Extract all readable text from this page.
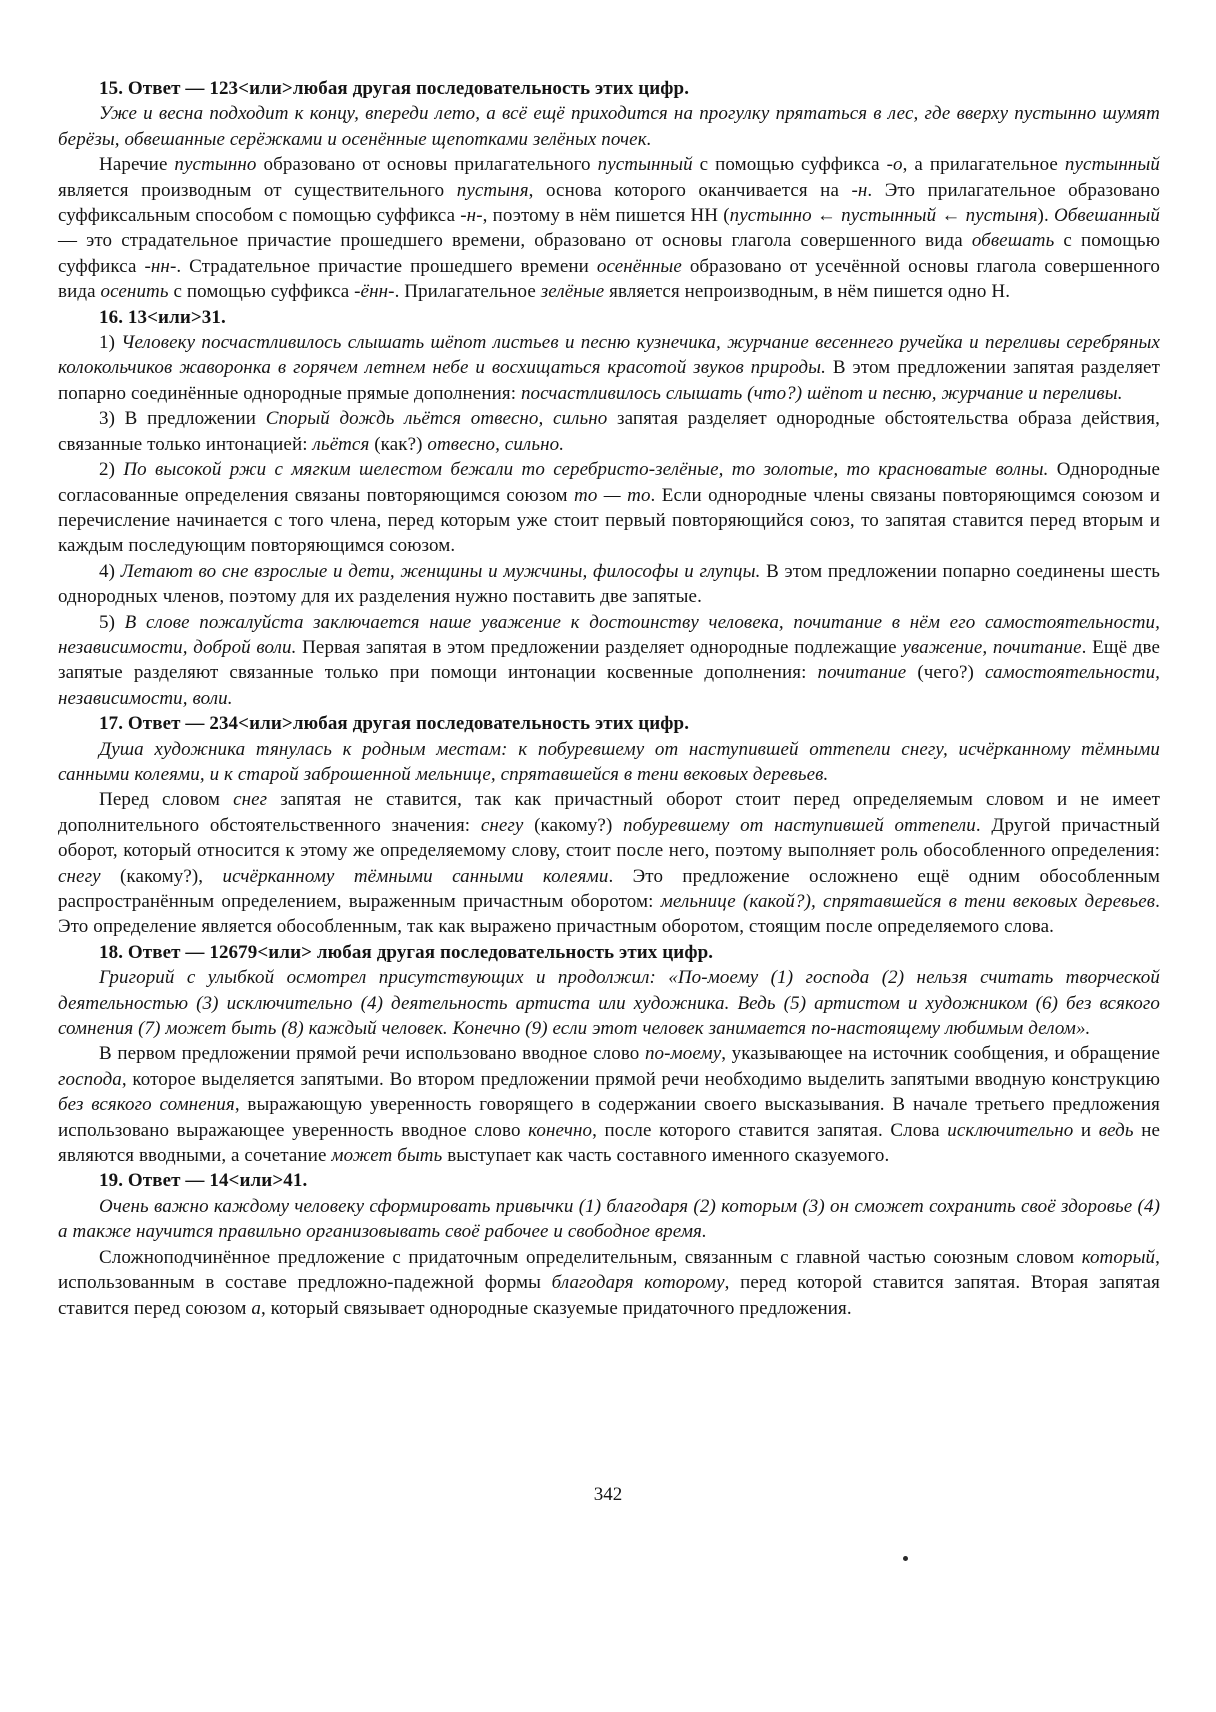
15. Ответ — 123<или>любая другая последовательность этих цифр.

Уже и весна подходит к концу, впереди лето, а всё ещё приходится на прогулку прятаться в лес, где вверху пустынно шумят берёзы, обвешанные серёжками и осенённые щепотками зелёных почек.

Наречие пустынно образовано от основы прилагательного пустынный с помощью суффикса -о, а прилагательное пустынный является производным от существительного пустыня, основа которого оканчивается на -н. Это прилагательное образовано суффиксальным способом с помощью суффикса -н-, поэтому в нём пишется НН (пустынно ← пустынный ← пустыня). Обвешанный — это страдательное причастие прошедшего времени, образовано от основы глагола совершенного вида обвешать с помощью суффикса -нн-. Страдательное причастие прошедшего времени осенённые образовано от усечённой основы глагола совершенного вида осенить с помощью суффикса -ённ-. Прилагательное зелёные является непроизводным, в нём пишется одно Н.

16. 13<или>31.

1) Человеку посчастливилось слышать шёпот листьев и песню кузнечика, журчание весеннего ручейка и переливы серебряных колокольчиков жаворонка в горячем летнем небе и восхищаться красотой звуков природы. В этом предложении запятая разделяет попарно соединённые однородные прямые дополнения: посчастливилось слышать (что?) шёпот и песню, журчание и переливы.

3) В предложении Спорый дождь льётся отвесно, сильно запятая разделяет однородные обстоятельства образа действия, связанные только интонацией: льётся (как?) отвесно, сильно.

2) По высокой ржи с мягким шелестом бежали то серебристо-зелёные, то золотые, то красноватые волны. Однородные согласованные определения связаны повторяющимся союзом то — то. Если однородные члены связаны повторяющимся союзом и перечисление начинается с того члена, перед которым уже стоит первый повторяющийся союз, то запятая ставится перед вторым и каждым последующим повторяющимся союзом.

4) Летают во сне взрослые и дети, женщины и мужчины, философы и глупцы. В этом предложении попарно соединены шесть однородных членов, поэтому для их разделения нужно поставить две запятые.

5) В слове пожалуйста заключается наше уважение к достоинству человека, почитание в нём его самостоятельности, независимости, доброй воли. Первая запятая в этом предложении разделяет однородные подлежащие уважение, почитание. Ещё две запятые разделяют связанные только при помощи интонации косвенные дополнения: почитание (чего?) самостоятельности, независимости, воли.

17. Ответ — 234<или>любая другая последовательность этих цифр.

Душа художника тянулась к родным местам: к побуревшему от наступившей оттепели снегу, исчёрканному тёмными санными колеями, и к старой заброшенной мельнице, спрятавшейся в тени вековых деревьев.

Перед словом снег запятая не ставится, так как причастный оборот стоит перед определяемым словом и не имеет дополнительного обстоятельственного значения: снегу (какому?) побуревшему от наступившей оттепели. Другой причастный оборот, который относится к этому же определяемому слову, стоит после него, поэтому выполняет роль обособленного определения: снегу (какому?), исчёрканному тёмными санными колеями. Это предложение осложнено ещё одним обособленным распространённым определением, выраженным причастным оборотом: мельнице (какой?), спрятавшейся в тени вековых деревьев. Это определение является обособленным, так как выражено причастным оборотом, стоящим после определяемого слова.

18. Ответ — 12679<или> любая другая последовательность этих цифр.

Григорий с улыбкой осмотрел присутствующих и продолжил: «По-моему (1) господа (2) нельзя считать творческой деятельностью (3) исключительно (4) деятельность артиста или художника. Ведь (5) артистом и художником (6) без всякого сомнения (7) может быть (8) каждый человек. Конечно (9) если этот человек занимается по-настоящему любимым делом».

В первом предложении прямой речи использовано вводное слово по-моему, указывающее на источник сообщения, и обращение господа, которое выделяется запятыми. Во втором предложении прямой речи необходимо выделить запятыми вводную конструкцию без всякого сомнения, выражающую уверенность говорящего в содержании своего высказывания. В начале третьего предложения использовано выражающее уверенность вводное слово конечно, после которого ставится запятая. Слова исключительно и ведь не являются вводными, а сочетание может быть выступает как часть составного именного сказуемого.

19. Ответ — 14<или>41.

Очень важно каждому человеку сформировать привычки (1) благодаря (2) которым (3) он сможет сохранить своё здоровье (4) а также научится правильно организовывать своё рабочее и свободное время.

Сложноподчинённое предложение с придаточным определительным, связанным с главной частью союзным словом который, использованным в составе предложно-падежной формы благодаря которому, перед которой ставится запятая. Вторая запятая ставится перед союзом а, который связывает однородные сказуемые придаточного предложения.

342
